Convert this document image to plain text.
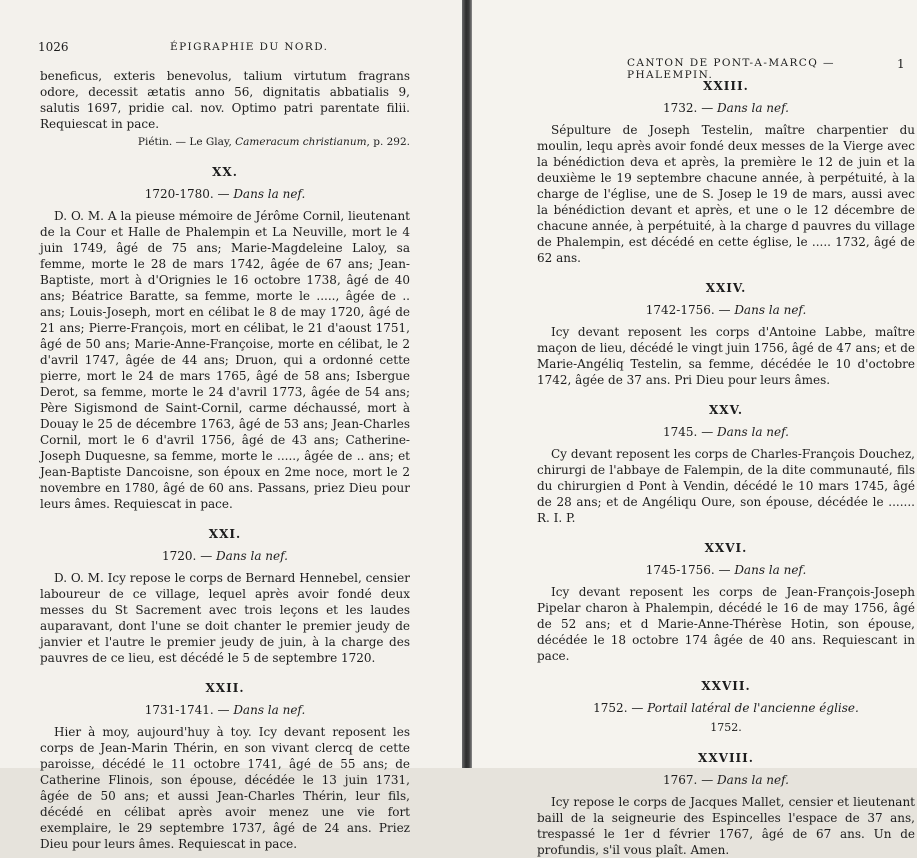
1026	ÉPIGRAPHIE DU NORD.

beneficus, exteris benevolus, talium virtutum fragrans odore, decessit ætatis anno 56, dignitatis abbatialis 9, salutis 1697, pridie cal. nov. Optimo patri parentate filii. Requiescat in pace.

Piétin. — Le Glay, Cameracum christianum, p. 292.

XX.

1720-1780. — Dans la nef.

D. O. M. A la pieuse mémoire de Jérôme Cornil, lieutenant de la Cour et Halle de Phalempin et La Neuville, mort le 4 juin 1749, âgé de 75 ans; Marie-Magdeleine Laloy, sa femme, morte le 28 de mars 1742, âgée de 67 ans; Jean-Baptiste, mort à d'Orignies le 16 octobre 1738, âgé de 40 ans; Béatrice Baratte, sa femme, morte le ....., âgée de .. ans; Louis-Joseph, mort en célibat le 8 de may 1720, âgé de 21 ans; Pierre-François, mort en célibat, le 21 d'aoust 1751, âgé de 50 ans; Marie-Anne-Françoise, morte en célibat, le 2 d'avril 1747, âgée de 44 ans; Druon, qui a ordonné cette pierre, mort le 24 de mars 1765, âgé de 58 ans; Isbergue Derot, sa femme, morte le 24 d'avril 1773, âgée de 54 ans; Père Sigismond de Saint-Cornil, carme déchaussé, mort à Douay le 25 de décembre 1763, âgé de 53 ans; Jean-Charles Cornil, mort le 6 d'avril 1756, âgé de 43 ans; Catherine-Joseph Duquesne, sa femme, morte le ....., âgée de .. ans; et Jean-Baptiste Dancoisne, son époux en 2me noce, mort le 2 novembre en 1780, âgé de 60 ans. Passans, priez Dieu pour leurs âmes. Requiescat in pace.

XXI.

1720. — Dans la nef.

D. O. M. Icy repose le corps de Bernard Hennebel, censier laboureur de ce village, lequel après avoir fondé deux messes du St Sacrement avec trois leçons et les laudes auparavant, dont l'une se doit chanter le premier jeudy de janvier et l'autre le premier jeudy de juin, à la charge des pauvres de ce lieu, est décédé le 5 de septembre 1720.

XXII.

1731-1741. — Dans la nef.

Hier à moy, aujourd'huy à toy. Icy devant reposent les corps de Jean-Marin Thérin, en son vivant clercq de cette paroisse, décédé le 11 octobre 1741, âgé de 55 ans; de Catherine Flinois, son épouse, décédée le 13 juin 1731, âgée de 50 ans; et aussi Jean-Charles Thérin, leur fils, décédé en célibat après avoir menez une vie fort exemplaire, le 29 septembre 1737, âgé de 24 ans. Priez Dieu pour leurs âmes. Requiescat in pace.

CANTON DE PONT-A-MARCQ — PHALEMPIN.
1

XXIII.

1732. — Dans la nef.

Sépulture de Joseph Testelin, maître charpentier du moulin, lequ après avoir fondé deux messes de la Vierge avec la bénédiction deva et après, la première le 12 de juin et la deuxième le 19 septembre chacune année, à perpétuité, à la charge de l'église, une de S. Josep le 19 de mars, aussi avec la bénédiction devant et après, et une o le 12 décembre de chacune année, à perpétuité, à la charge d pauvres du village de Phalempin, est décédé en cette église, le ..... 1732, âgé de 62 ans.

XXIV.

1742-1756. — Dans la nef.

Icy devant reposent les corps d'Antoine Labbe, maître maçon de lieu, décédé le vingt juin 1756, âgé de 47 ans; et de Marie-Angéliq Testelin, sa femme, décédée le 10 d'octobre 1742, âgée de 37 ans. Pri Dieu pour leurs âmes.

XXV.

1745. — Dans la nef.

Cy devant reposent les corps de Charles-François Douchez, chirurgi de l'abbaye de Falempin, de la dite communauté, fils du chirurgien d Pont à Vendin, décédé le 10 mars 1745, âgé de 28 ans; et de Angéliqu Oure, son épouse, décédée le ....... R. I. P.

XXVI.

1745-1756. — Dans la nef.

Icy devant reposent les corps de Jean-François-Joseph Pipelar charon à Phalempin, décédé le 16 de may 1756, âgé de 52 ans; et d Marie-Anne-Thérèse Hotin, son épouse, décédée le 18 octobre 174 âgée de 40 ans. Requiescant in pace.

XXVII.

1752. — Portail latéral de l'ancienne église.

1752.

XXVIII.

1767. — Dans la nef.

Icy repose le corps de Jacques Mallet, censier et lieutenant baill de la seigneurie des Espincelles l'espace de 37 ans, trespassé le 1er d février 1767, âgé de 67 ans. Un de profundis, s'il vous plaît. Amen.
